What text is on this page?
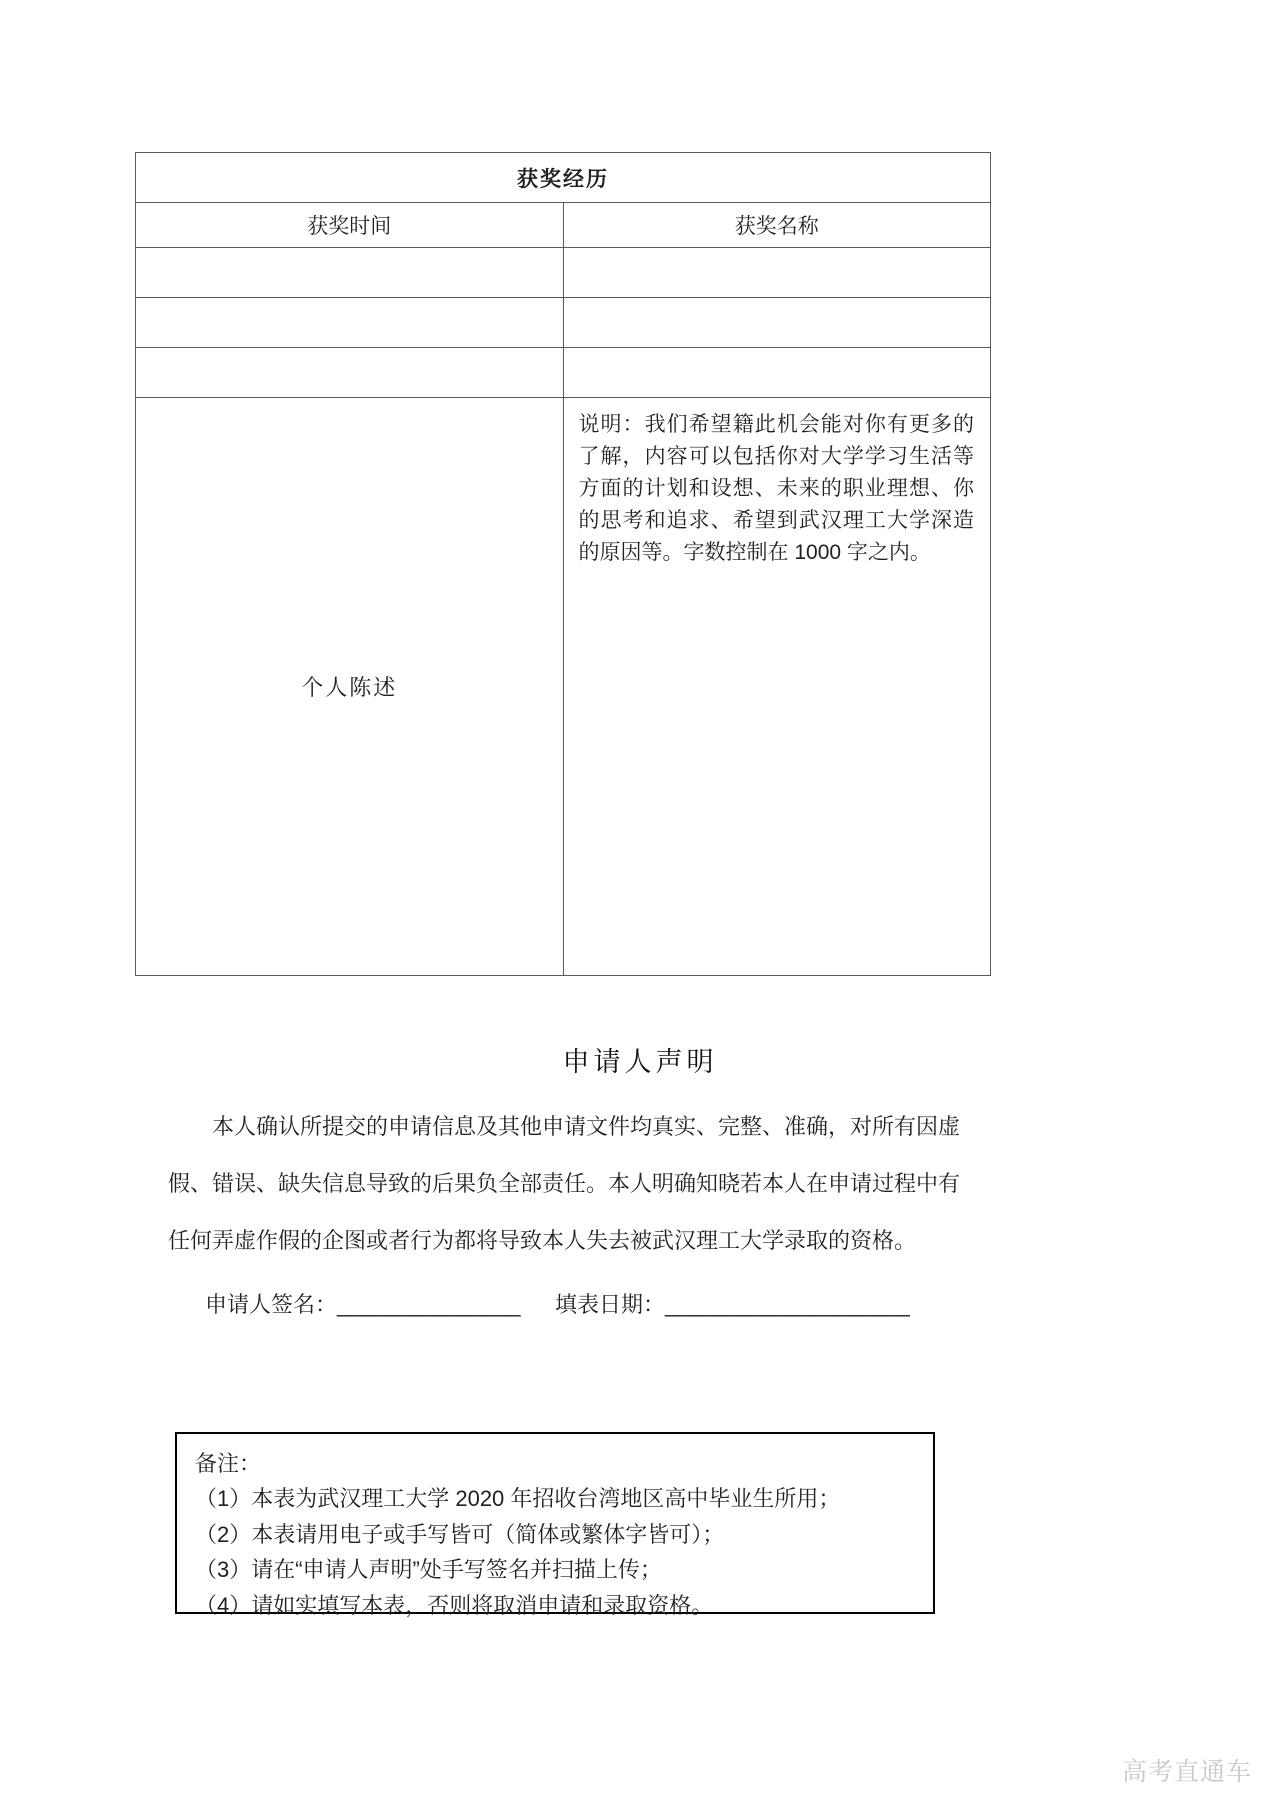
获奖经历	
获奖时间	获奖名称

个人陈述	说明：我们希望籍此机会能对你有更多的了解，内容可以包括你对大学学习生活等方面的计划和设想、未来的职业理想、你的思考和追求、希望到武汉理工大学深造的原因等。字数控制在 1000 字之内。
申请人声明
本人确认所提交的申请信息及其他申请文件均真实、完整、准确，对所有因虚假、错误、缺失信息导致的后果负全部责任。本人明确知晓若本人在申请过程中有任何弄虚作假的企图或者行为都将导致本人失去被武汉理工大学录取的资格。
申请人签名：_______________ 填表日期：____________________
备注：
（1）本表为武汉理工大学 2020 年招收台湾地区高中毕业生所用；
（2）本表请用电子或手写皆可（简体或繁体字皆可）；
（3）请在“申请人声明”处手写签名并扫描上传；
（4）请如实填写本表，否则将取消申请和录取资格。
高考直通车
